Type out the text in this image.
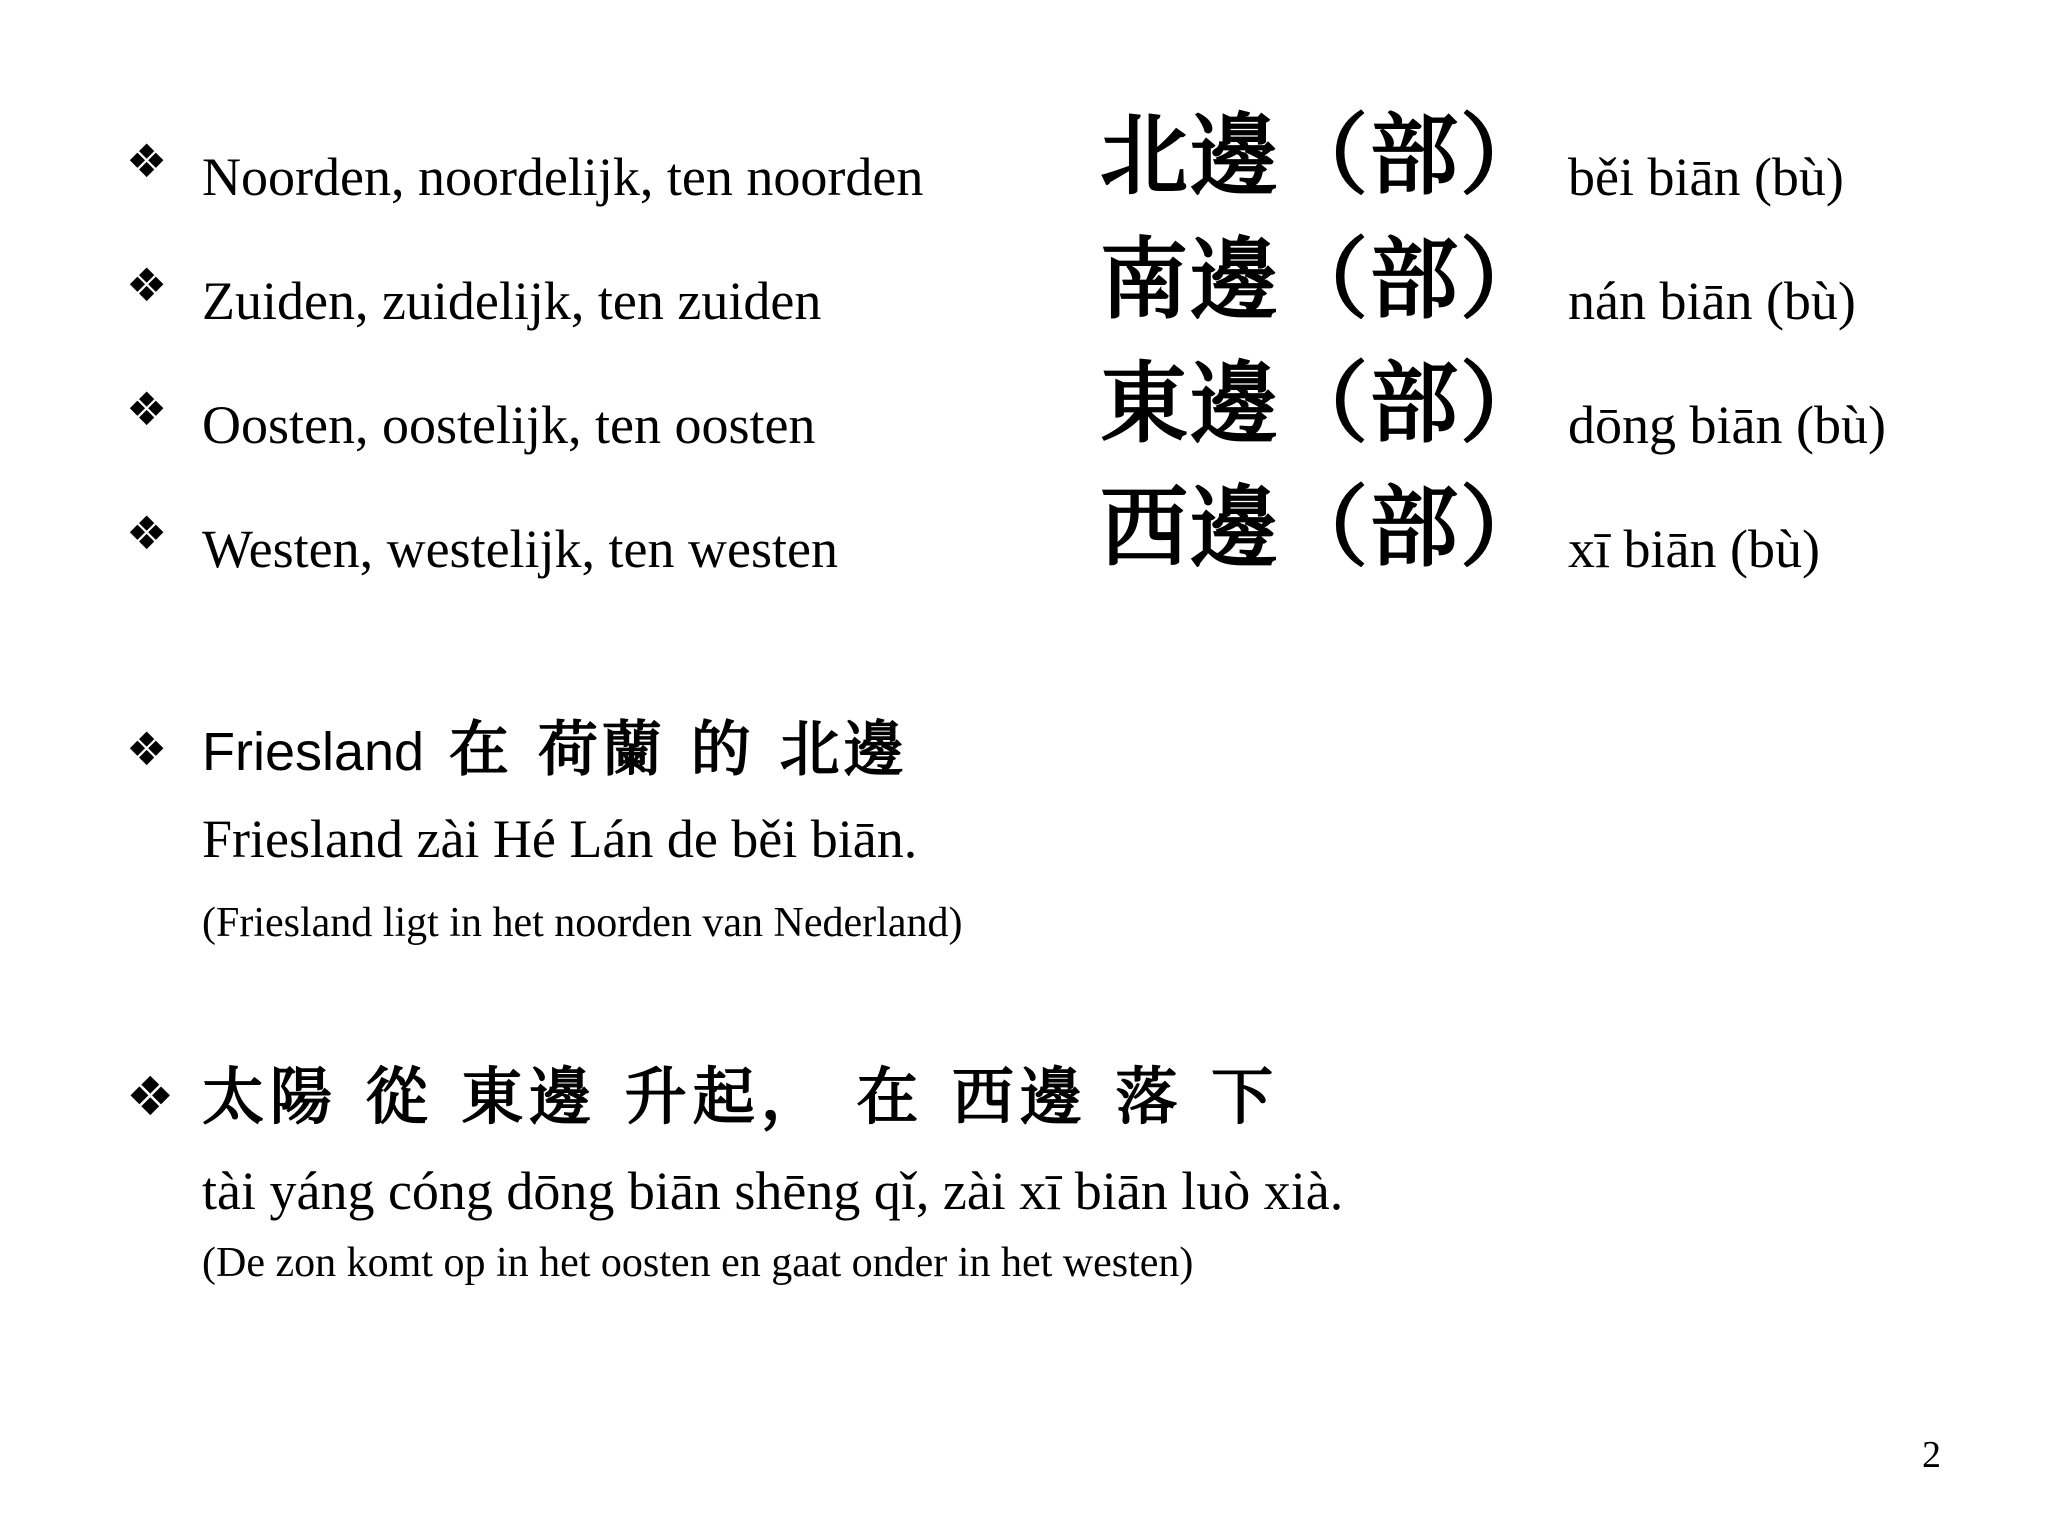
❖ Noorden, noordelijk, ten noorden 北邊（部） běi biān (bù)
❖ Zuiden, zuidelijk, ten zuiden	南邊（部） nán biān (bù)
❖ Oosten, oostelijk, ten oosten	東邊（部） dōng biān (bù)
❖ Westen, westelijk, ten westen	西邊（部） xī biān (bù)
❖ Friesland 在 荷蘭 的 北邊
Friesland zài Hé Lán de běi biān.
(Friesland ligt in het noorden van Nederland)
❖ 太陽 從 東邊 升起， 在 西邊 落 下
tài yáng cóng dōng biān shēng qǐ, zài xī biān luò xià.
(De zon komt op in het oosten en gaat onder in het westen)
2
